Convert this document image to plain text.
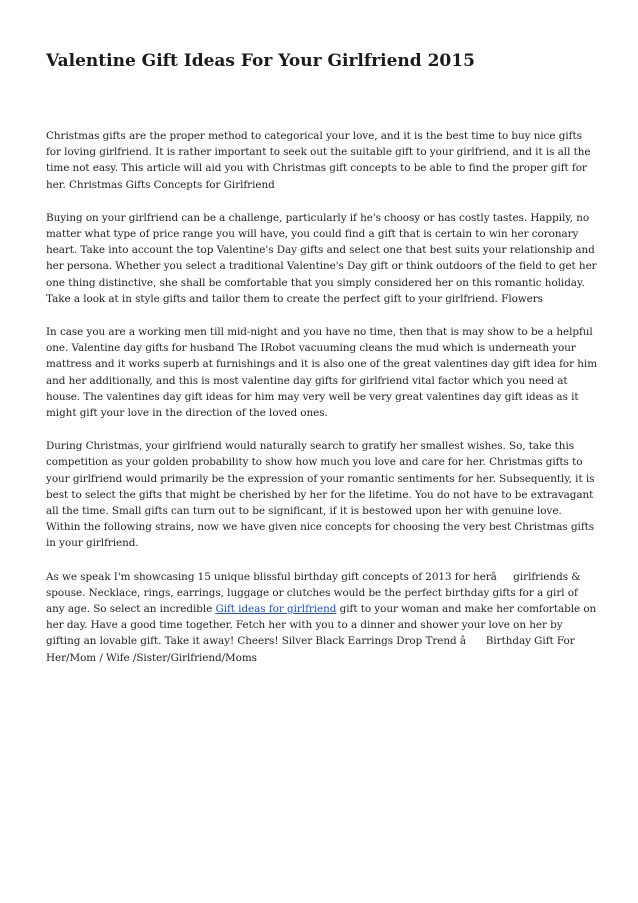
Valentine Gift Ideas For Your Girlfriend 2015

Christmas gifts are the proper method to categorical your love, and it is the best time to buy nice gifts for loving girlfriend. It is rather important to seek out the suitable gift to your girlfriend, and it is all the time not easy. This article will aid you with Christmas gift concepts to be able to find the proper gift for her. Christmas Gifts Concepts for Girlfriend

Buying on your girlfriend can be a challenge, particularly if he's choosy or has costly tastes. Happily, no matter what type of price range you will have, you could find a gift that is certain to win her coronary heart. Take into account the top Valentine's Day gifts and select one that best suits your relationship and her persona. Whether you select a traditional Valentine's Day gift or think outdoors of the field to get her one thing distinctive, she shall be comfortable that you simply considered her on this romantic holiday. Take a look at in style gifts and tailor them to create the perfect gift to your girlfriend. Flowers

In case you are a working men till mid-night and you have no time, then that is may show to be a helpful one. Valentine day gifts for husband The IRobot vacuuming cleans the mud which is underneath your mattress and it works superb at furnishings and it is also one of the great valentines day gift idea for him and her additionally, and this is most valentine day gifts for girlfriend vital factor which you need at house. The valentines day gift ideas for him may very well be very great valentines day gift ideas as it might gift your love in the direction of the loved ones.

During Christmas, your girlfriend would naturally search to gratify her smallest wishes. So, take this competition as your golden probability to show how much you love and care for her. Christmas gifts to your girlfriend would primarily be the expression of your romantic sentiments for her. Subsequently, it is best to select the gifts that might be cherished by her for the lifetime. You do not have to be extravagant all the time. Small gifts can turn out to be significant, if it is bestowed upon her with genuine love. Within the following strains, now we have given nice concepts for choosing the very best Christmas gifts in your girlfriend.

As we speak I'm showcasing 15 unique blissful birthday gift concepts of 2013 for herâgirlfriends & spouse. Necklace, rings, earrings, luggage or clutches would be the perfect birthday gifts for a girl of any age. So select an incredible Gift ideas for girlfriend gift to your woman and make her comfortable on her day. Have a good time together. Fetch her with you to a dinner and shower your love on her by gifting an lovable gift. Take it away! Cheers! Silver Black Earrings Drop Trend â Birthday Gift For Her/Mom / Wife /Sister/Girlfriend/Moms
